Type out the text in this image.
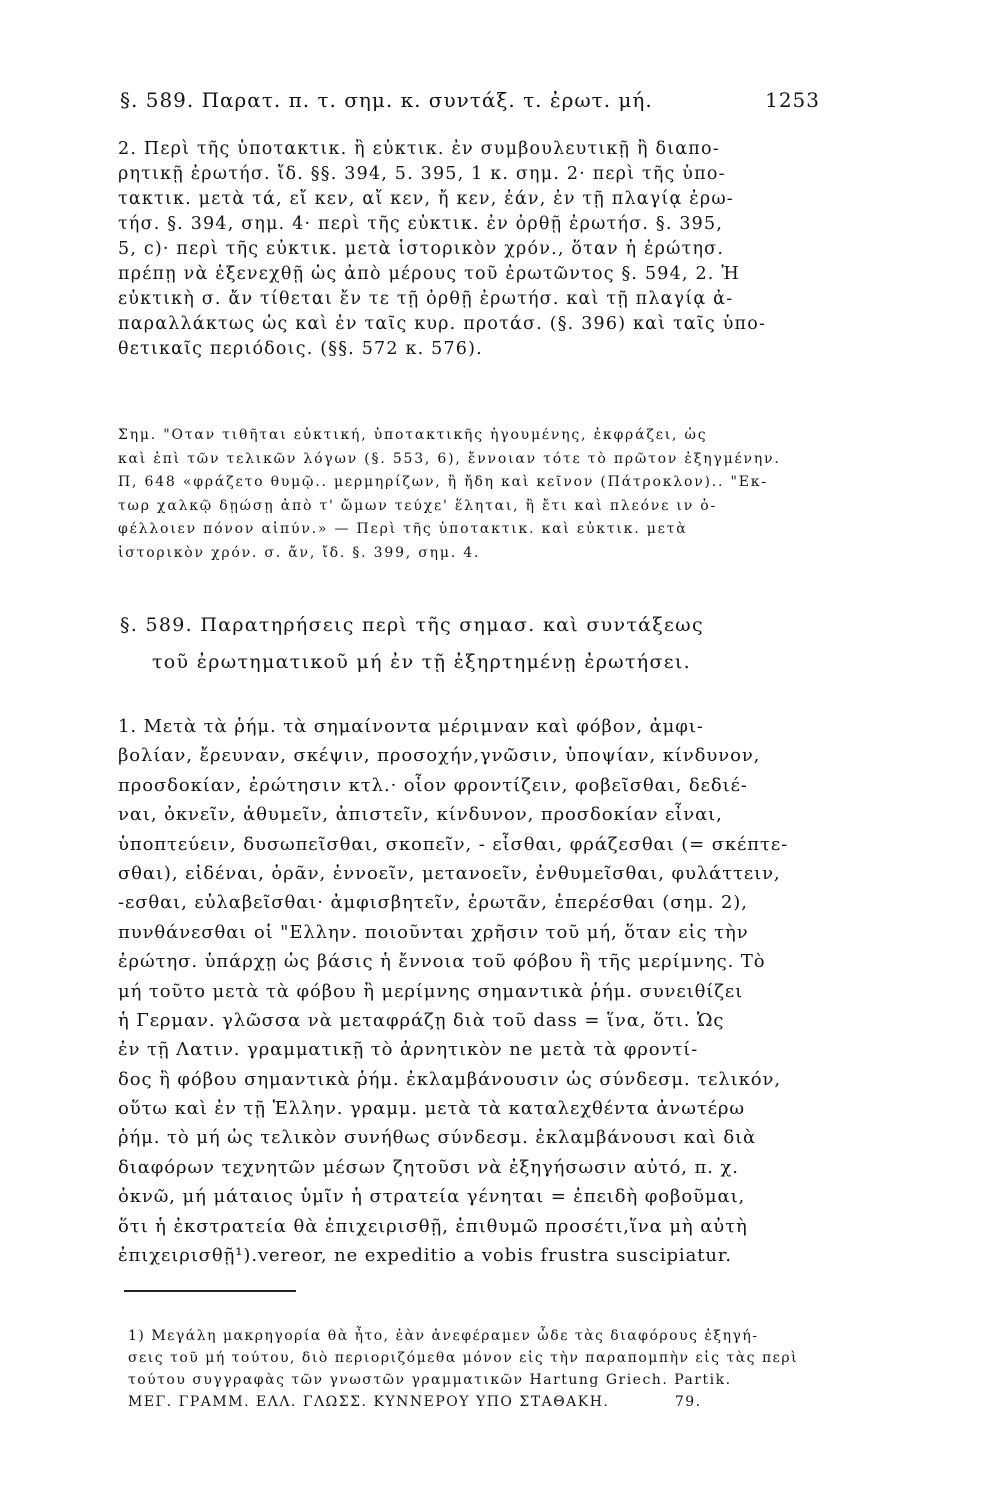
§. 589. Παρατ. π. τ. σημ. κ. συντάξ. τ. ἐρωτ. μή.	1253
2. Περὶ τῆς ὑποτακτικ. ἢ εὐκτικ. ἐν συμβουλευτικῇ ἢ διαπο-
ρητικῇ ἐρωτήσ. ἴδ. §§. 394, 5. 395, 1 κ. σημ. 2· περὶ τῆς ὑπο-
τακτικ. μετὰ τά, εἴ κεν, αἴ κεν, ἤ κεν, ἐάν, ἐν τῇ πλαγίᾳ ἐρω-
τήσ. §. 394, σημ. 4· περὶ τῆς εὐκτικ. ἐν ὀρθῇ ἐρωτήσ. §. 395,
5, c)· περὶ τῆς εὐκτικ. μετὰ ἱστορικὸν χρόν., ὅταν ἡ ἐρώτησ.
πρέπῃ νὰ ἐξενεχθῇ ὡς ἀπὸ μέρους τοῦ ἐρωτῶντος §. 594, 2. Ἡ
εὐκτικὴ σ. ἄν τίθεται ἔν τε τῇ ὀρθῇ ἐρωτήσ. καὶ τῇ πλαγίᾳ ἀ-
παραλλάκτως ὡς καὶ ἐν ταῖς κυρ. προτάσ. (§. 396) καὶ ταῖς ὑπο-
θετικαῖς περιόδοις. (§§. 572 κ. 576).
Σημ. "Οταν τιθῆται εὐκτική, ὑποτακτικῆς ἡγουμένης, ἐκφράζει, ὡς
καὶ ἐπὶ τῶν τελικῶν λόγων (§. 553, 6), ἔννοιαν τότε τὸ πρῶτον ἐξηγμένην.
Π, 648 «φράζετο θυμῷ.. μερμηρίζων, ἢ ἤδη καὶ κεῖνον (Πάτροκλον).. "Εκ-
τωρ χαλκῷ δῃώσῃ ἀπὸ τ' ὤμων τεύχε' ἕληται, ἢ ἔτι καὶ πλεόνε ιν ὀ-
φέλλοιεν πόνον αἰπύν.» — Περὶ τῆς ὑποτακτικ. καὶ εὐκτικ. μετὰ
ἱστορικὸν χρόν. σ. ἄν, ἴδ. §. 399, σημ. 4.
§. 589. Παρατηρήσεις περὶ τῆς σημασ. καὶ συντάξεως
τοῦ ἐρωτηματικοῦ μή ἐν τῇ ἐξηρτημένῃ ἐρωτήσει.
1. Μετὰ τὰ ῥήμ. τὰ σημαίνοντα μέριμναν καὶ φόβον, ἀμφι-
βολίαν, ἔρευναν, σκέψιν, προσοχήν,γνῶσιν, ὑποψίαν, κίνδυνον,
προσδοκίαν, ἐρώτησιν κτλ.· οἷον φροντίζειν, φοβεῖσθαι, δεδιέ-
ναι, ὀκνεῖν, ἀθυμεῖν, ἀπιστεῖν, κίνδυνον, προσδοκίαν εἶναι,
ὑποπτεύειν, δυσωπεῖσθαι, σκοπεῖν, - εἶσθαι, φράζεσθαι (= σκέπτε-
σθαι), εἰδέναι, ὁρᾶν, ἐννοεῖν, μετανοεῖν, ἐνθυμεῖσθαι, φυλάττειν,
-εσθαι, εὐλαβεῖσθαι· ἀμφισβητεῖν, ἐρωτᾶν, ἐπερέσθαι (σημ. 2),
πυνθάνεσθαι οἱ "Ελλην. ποιοῦνται χρῆσιν τοῦ μή, ὅταν εἰς τὴν
ἐρώτησ. ὑπάρχῃ ὡς βάσις ἡ ἔννοια τοῦ φόβου ἢ τῆς μερίμνης. Τὸ
μή τοῦτο μετὰ τὰ φόβου ἢ μερίμνης σημαντικὰ ῥήμ. συνειθίζει
ἡ Γερμαν. γλῶσσα νὰ μεταφράζῃ διὰ τοῦ dass = ἵνα, ὅτι. Ὡς
ἐν τῇ Λατιν. γραμματικῇ τὸ ἀρνητικὸν ne μετὰ τὰ φροντί-
δος ἢ φόβου σημαντικὰ ῥήμ. ἐκλαμβάνουσιν ὡς σύνδεσμ. τελικόν,
οὕτω καὶ ἐν τῇ Ἑλλην. γραμμ. μετὰ τὰ καταλεχθέντα ἀνωτέρω
ῥήμ. τὸ μή ὡς τελικὸν συνήθως σύνδεσμ. ἐκλαμβάνουσι καὶ διὰ
διαφόρων τεχνητῶν μέσων ζητοῦσι νὰ ἐξηγήσωσιν αὐτό, π. χ.
ὀκνῶ, μή μάταιος ὑμῖν ἡ στρατεία γένηται = ἐπειδὴ φοβοῦμαι,
ὅτι ἡ ἐκστρατεία θὰ ἐπιχειρισθῇ, ἐπιθυμῶ προσέτι,ἵνα μὴ αὐτὴ
ἐπιχειρισθῇ¹).vereor, ne expeditio a vobis frustra suscipiatur.
1) Μεγάλη μακρηγορία θὰ ἦτο, ἐὰν ἀνεφέραμεν ὧδε τὰς διαφόρους ἐξηγή-
σεις τοῦ μή τούτου, διὸ περιοριζόμεθα μόνον εἰς τὴν παραπομπὴν εἰς τὰς περὶ
τούτου συγγραφὰς τῶν γνωστῶν γραμματικῶν Hartung Griech. Partik.
ΜΕΓ. ΓΡΑΜΜ. ΕΛΛ. ΓΛΩΣΣ. ΚΥΝΝΕΡΟΥ ΥΠΟ ΣΤΑΘΑΚΗ.	79.
